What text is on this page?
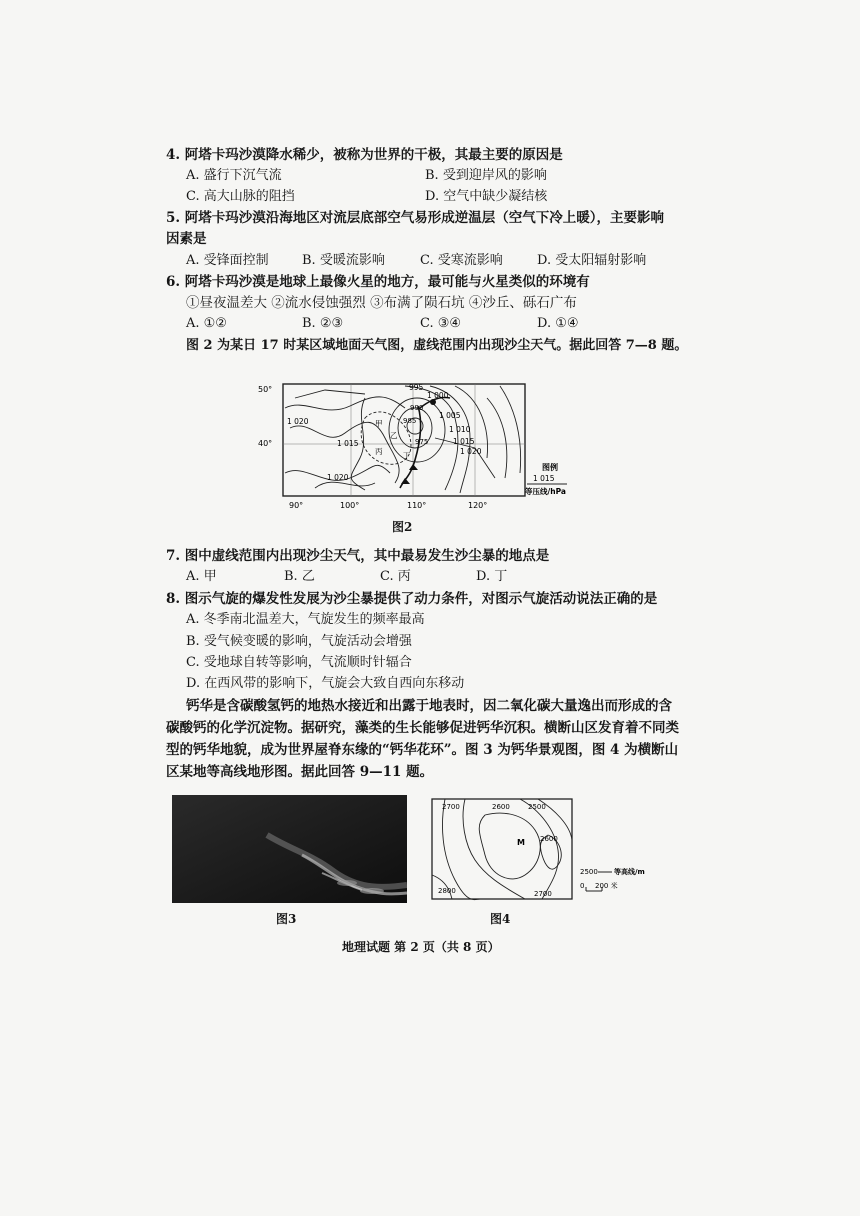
4. 阿塔卡玛沙漠降水稀少，被称为世界的干极，其最主要的原因是
A. 盛行下沉气流	B. 受到迎岸风的影响
C. 高大山脉的阻挡	D. 空气中缺少凝结核
5. 阿塔卡玛沙漠沿海地区对流层底部空气易形成逆温层（空气下冷上暖），主要影响
因素是
A. 受锋面控制	B. 受暖流影响	C. 受寒流影响	D. 受太阳辐射影响
6. 阿塔卡玛沙漠是地球上最像火星的地方，最可能与火星类似的环境有
①昼夜温差大 ②流水侵蚀强烈 ③布满了陨石坑 ④沙丘、砾石广布
A. ①②	B. ②③	C. ③④	D. ①④
图 2 为某日 17 时某区域地面天气图，虚线范围内出现沙尘天气。据此回答 7—8 题。
50°
40°
90°	100°	110°	120°
1 020
1 015
1 020
995
1 000
1 005
1 010
1 015
1 020
990
985
975
甲
乙
丙	丁
图例
1 015
等压线/hPa
图2
7. 图中虚线范围内出现沙尘天气，其中最易发生沙尘暴的地点是
A. 甲	B. 乙	C. 丙	D. 丁
8. 图示气旋的爆发性发展为沙尘暴提供了动力条件，对图示气旋活动说法正确的是
A. 冬季南北温差大，气旋发生的频率最高
B. 受气候变暖的影响，气旋活动会增强
C. 受地球自转等影响，气流顺时针辐合
D. 在西风带的影响下，气旋会大致自西向东移动
钙华是含碳酸氢钙的地热水接近和出露于地表时，因二氧化碳大量逸出而形成的含
碳酸钙的化学沉淀物。据研究，藻类的生长能够促进钙华沉积。横断山区发育着不同类
型的钙华地貌，成为世界屋脊东缘的“钙华花环”。图 3 为钙华景观图，图 4 为横断山
区某地等高线地形图。据此回答 9—11 题。
图3
2700	2600	2500
2600
2800	2700
M
2500 等高线/m
0 200 米
图4
地理试题 第 2 页（共 8 页）
